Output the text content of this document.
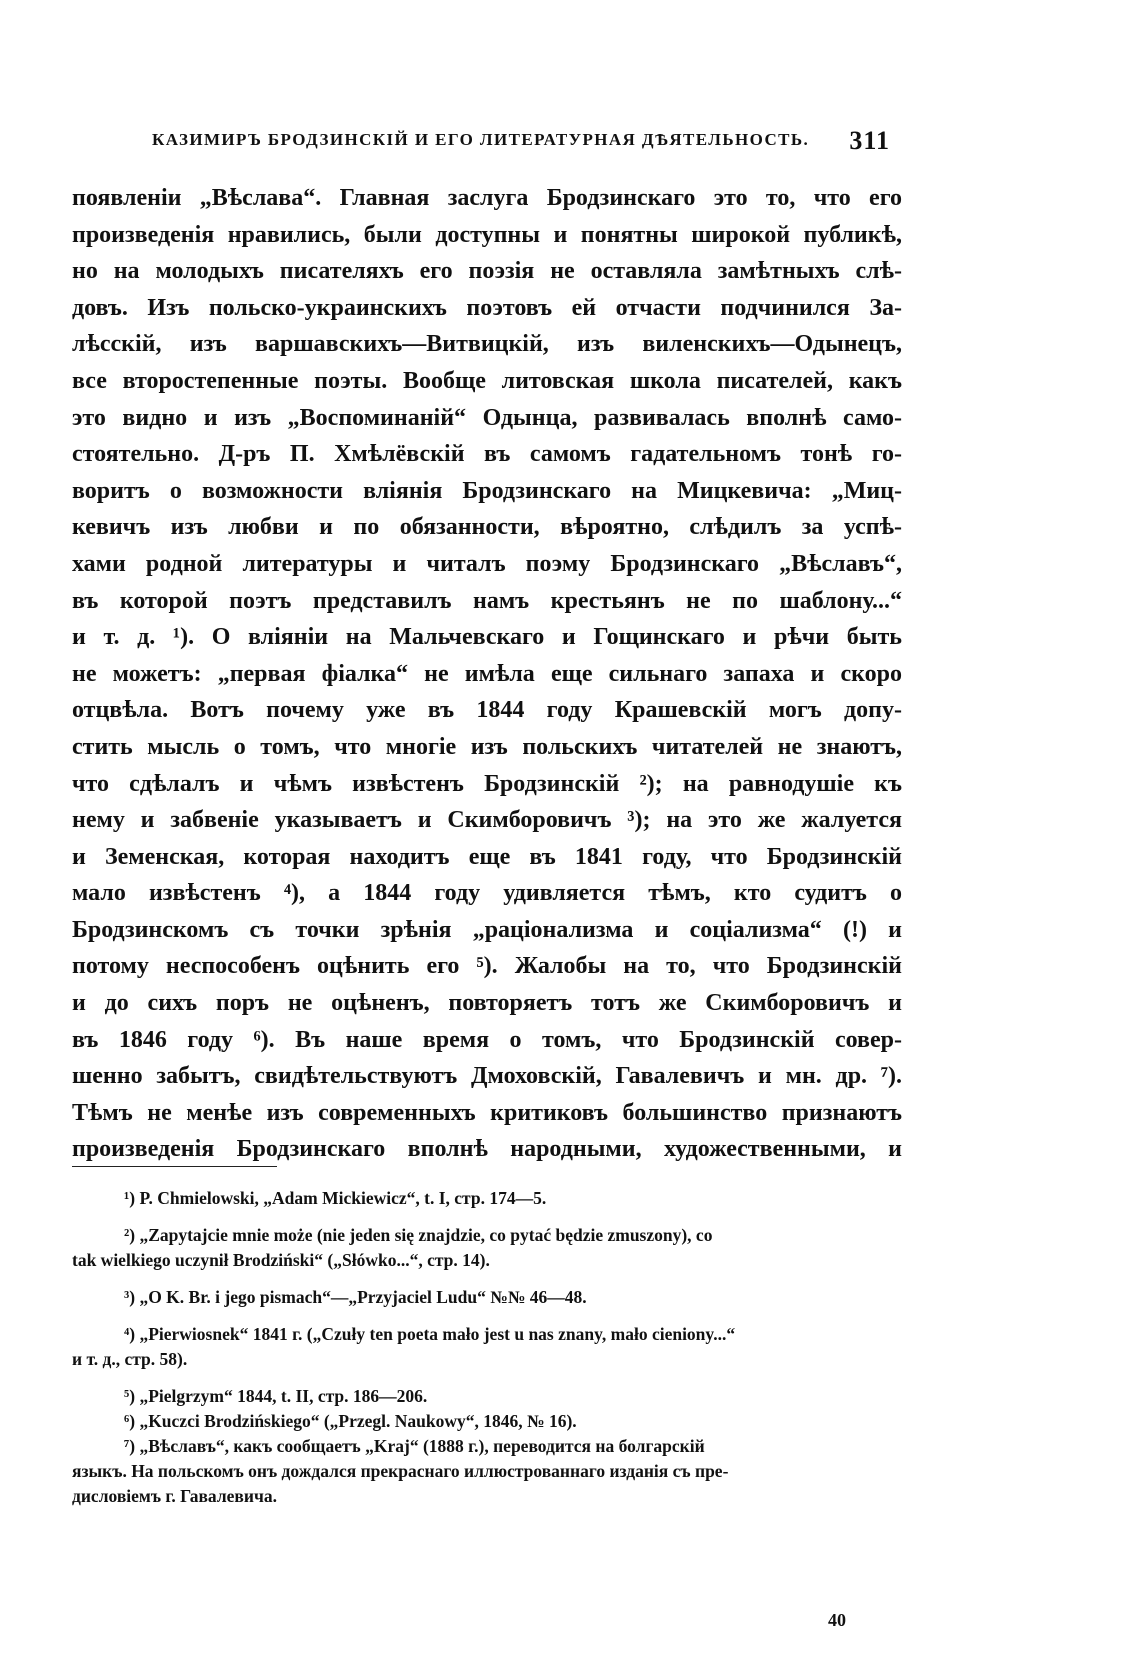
КАЗИМИРЪ БРОДЗИНСКІЙ И ЕГО ЛИТЕРАТУРНАЯ ДѢЯТЕЛЬНОСТЬ. 311
появленіи „Вѣслава“. Главная заслуга Бродзинскаго это то, что его
произведенія нравились, были доступны и понятны широкой публикѣ,
но на молодыхъ писателяхъ его поэзія не оставляла замѣтныхъ слѣ-
довъ. Изъ польско-украинскихъ поэтовъ ей отчасти подчинился За-
лѣсскій, изъ варшавскихъ—Витвицкій, изъ виленскихъ—Одынецъ,
все второстепенные поэты. Вообще литовская школа писателей, какъ
это видно и изъ „Воспоминаній“ Одынца, развивалась вполнѣ само-
стоятельно. Д-ръ П. Хмѣлёвскій въ самомъ гадательномъ тонѣ го-
воритъ о возможности вліянія Бродзинскаго на Мицкевича: „Миц-
кевичъ изъ любви и по обязанности, вѣроятно, слѣдилъ за успѣ-
хами родной литературы и читалъ поэму Бродзинскаго „Вѣславъ“,
въ которой поэтъ представилъ намъ крестьянъ не по шаблону...“
и т. д. ¹). О вліяніи на Мальчевскаго и Гощинскаго и рѣчи быть
не можетъ: „первая фіалка“ не имѣла еще сильнаго запаха и скоро
отцвѣла. Вотъ почему уже въ 1844 году Крашевскій могъ допу-
стить мысль о томъ, что многіе изъ польскихъ читателей не знаютъ,
что сдѣлалъ и чѣмъ извѣстенъ Бродзинскій ²); на равнодушіе къ
нему и забвеніе указываетъ и Скимборовичъ ³); на это же жалуется
и Земенская, которая находитъ еще въ 1841 году, что Бродзинскій
мало извѣстенъ ⁴), а 1844 году удивляется тѣмъ, кто судитъ о
Бродзинскомъ съ точки зрѣнія „раціонализма и соціализма“ (!) и
потому неспособенъ оцѣнить его ⁵). Жалобы на то, что Бродзинскій
и до сихъ поръ не оцѣненъ, повторяетъ тотъ же Скимборовичъ и
въ 1846 году ⁶). Въ наше время о томъ, что Бродзинскій совер-
шенно забытъ, свидѣтельствуютъ Дмоховскій, Гавалевичъ и мн. др. ⁷).
Тѣмъ не менѣе изъ современныхъ критиковъ большинство признаютъ
произведенія Бродзинскаго вполнѣ народными, художественными, и
¹) P. Chmielowski, „Adam Mickiewicz“, t. I, стр. 174—5.
²) „Zapytajcie mnie może (nie jeden się znajdzie, co pytać będzie zmuszony), co
tak wielkiego uczynił Brodziński“ („Słówko...“, стр. 14).
³) „O K. Br. i jego pismach“—„Przyjaciel Ludu“ №№ 46—48.
⁴) „Pierwiosnek“ 1841 г. („Czuły ten poeta mało jest u nas znany, mało cieniony...“
и т. д., стр. 58).
⁵) „Pielgrzym“ 1844, t. II, стр. 186—206.
⁶) „Kuczci Brodzińskiego“ („Przegl. Naukowy“, 1846, № 16).
⁷) „Вѣславъ“, какъ сообщаетъ „Kraj“ (1888 г.), переводится на болгарскій
языкъ. На польскомъ онъ дождался прекраснаго иллюстрованнаго изданія съ пре-
дисловіемъ г. Гавалевича.
40
